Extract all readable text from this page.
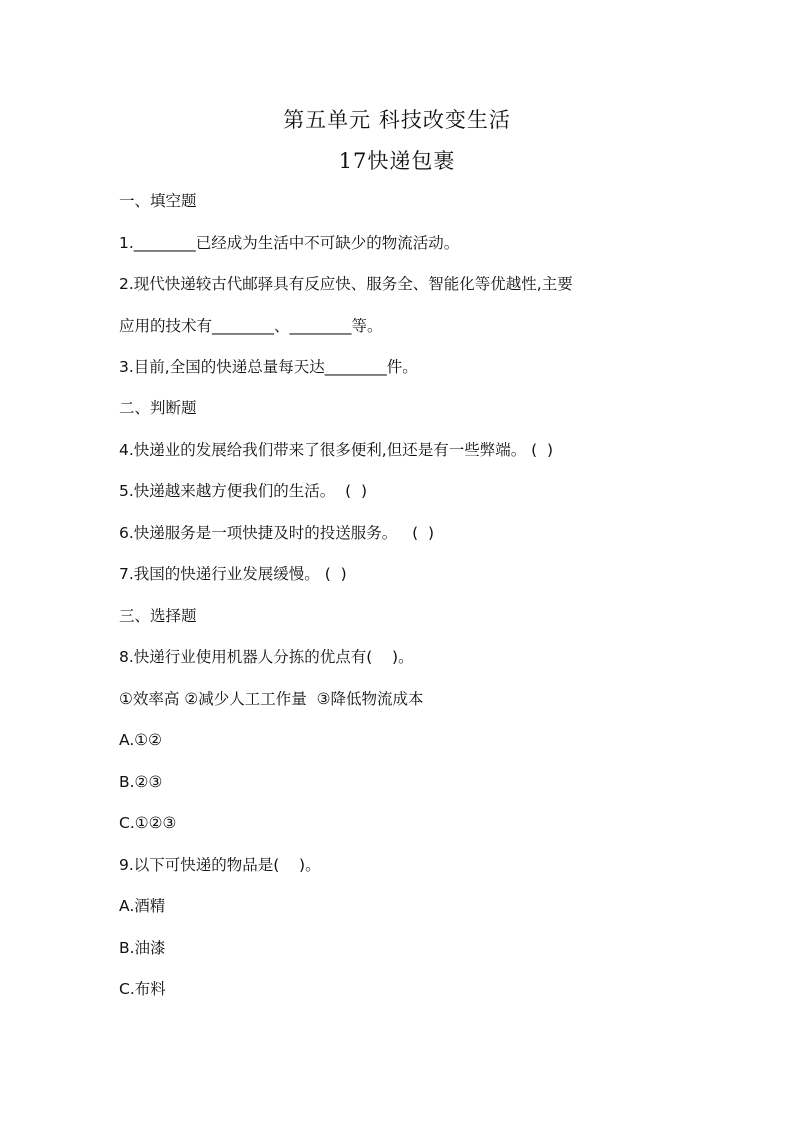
第五单元 科技改变生活
17快递包裹
一、填空题
1.________已经成为生活中不可缺少的物流活动。
2.现代快递较古代邮驿具有反应快、服务全、智能化等优越性,主要
应用的技术有________、________等。
3.目前,全国的快递总量每天达________件。
二、判断题
4.快递业的发展给我们带来了很多便利,但还是有一些弊端。 (  )
5.快递越来越方便我们的生活。  (  )
6.快递服务是一项快捷及时的投送服务。   (  )
7.我国的快递行业发展缓慢。 (  )
三、选择题
8.快递行业使用机器人分拣的优点有(    )。
①效率高 ②减少人工工作量  ③降低物流成本
A.①②
B.②③
C.①②③
9.以下可快递的物品是(    )。
A.酒精
B.油漆
C.布料
